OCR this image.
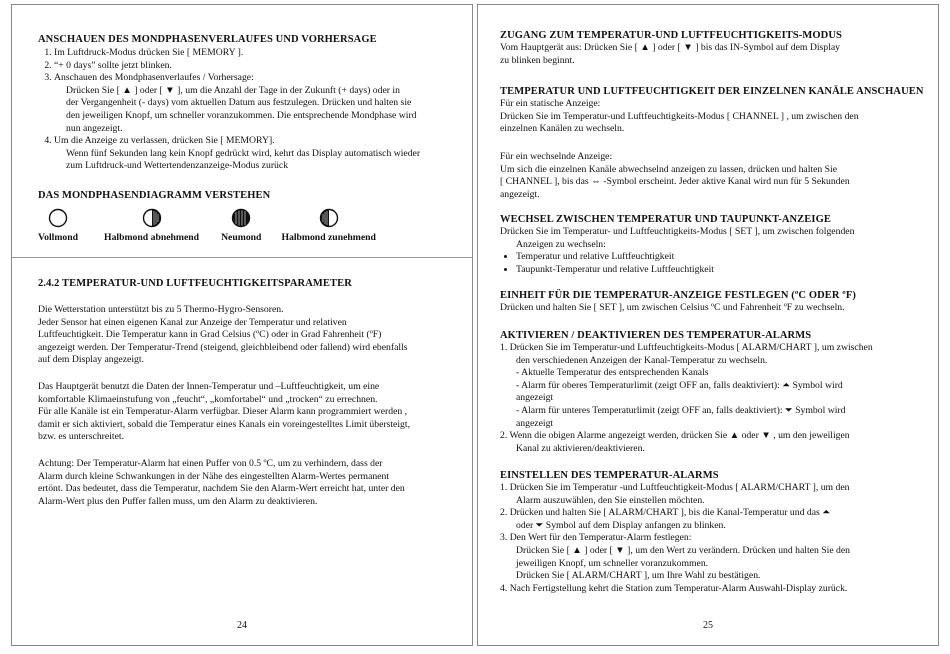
ANSCHAUEN DES MONDPHASENVERLAUFES UND VORHERSAGE
1. Im Luftdruck-Modus drücken Sie [ MEMORY ].
2. “+ 0 days” sollte jetzt blinken.
3. Anschauen des Mondphasenverlaufes / Vorhersage:
Drücken Sie [ ▲ ] oder [ ▼ ], um die Anzahl der Tage in der Zukunft (+ days) oder in
der Vergangenheit (- days) vom aktuellen Datum aus festzulegen. Drücken und halten sie
den jeweiligen Knopf, um schneller voranzukommen. Die entsprechende Mondphase wird
nun angezeigt.
4. Um die Anzeige zu verlassen, drücken Sie [ MEMORY].
Wenn fünf Sekunden lang kein Knopf gedrückt wird, kehrt das Display automatisch wieder
zum Luftdruck-und Wettertendenzanzeige-Modus zurück
DAS MONDPHASENDIAGRAMM VERSTEHEN
Vollmond	Halbmond abnehmend Neumond Halbmond zunehmend
2.4.2 TEMPERATUR-UND LUFTFEUCHTIGKEITSPARAMETER
Die Wetterstation unterstützt bis zu 5 Thermo-Hygro-Sensoren.
Jeder Sensor hat einen eigenen Kanal zur Anzeige der Temperatur und relativen
Luftfeuchtigkeit. Die Temperatur kann in Grad Celsius (ºC) oder in Grad Fahrenheit (ºF)
angezeigt werden. Der Temperatur-Trend (steigend, gleichbleibend oder fallend) wird ebenfalls
auf dem Display angezeigt.
Das Hauptgerät benutzt die Daten der Innen-Temperatur und –Luftfeuchtigkeit, um eine
komfortable Klimaeinstufung von „feucht“, „komfortabel“ und „trocken“ zu errechnen.
Für alle Kanäle ist ein Temperatur-Alarm verfügbar. Dieser Alarm kann programmiert werden ,
damit er sich aktiviert, sobald die Temperatur eines Kanals ein voreingestelltes Limit übersteigt,
bzw. es unterschreitet.
Achtung: Der Temperatur-Alarm hat einen Puffer von 0.5 ºC, um zu verhindern, dass der
Alarm durch kleine Schwankungen in der Nähe des eingestellten Alarm-Wertes permanent
ertönt. Das bedeutet, dass die Temperatur, nachdem Sie den Alarm-Wert erreicht hat, unter den
Alarm-Wert plus den Puffer fallen muss, um den Alarm zu deaktivieren.
24
ZUGANG ZUM TEMPERATUR-UND LUFTFEUCHTIGKEITS-MODUS
Vom Hauptgerät aus: Drücken Sie [ ▲ ] oder [ ▼ ] bis das IN-Symbol auf dem Display
zu blinken beginnt.
TEMPERATUR UND LUFTFEUCHTIGKEIT DER EINZELNEN KANÄLE ANSCHAUEN
Für ein statische Anzeige:
Drücken Sie im Temperatur-und Luftfeuchtigkeits-Modus [ CHANNEL ] , um zwischen den
einzelnen Kanälen zu wechseln.
Für ein wechselnde Anzeige:
Um sich die einzelnen Kanäle abwechselnd anzeigen zu lassen, drücken und halten Sie
[ CHANNEL ], bis das ⇔ -Symbol erscheint. Jeder aktive Kanal wird nun für 5 Sekunden
angezeigt.
WECHSEL ZWISCHEN TEMPERATUR UND TAUPUNKT-ANZEIGE
Drücken Sie im Temperatur- und Luftfeuchtigkeits-Modus [ SET ], um zwischen folgenden
Anzeigen zu wechseln:
• Temperatur und relative Luftfeuchtigkeit
• Taupunkt-Temperatur und relative Luftfeuchtigkeit
EINHEIT FÜR DIE TEMPERATUR-ANZEIGE FESTLEGEN (ºC ODER ºF)
Drücken und halten Sie [ SET ], um zwischen Celsius ºC und Fahrenheit ºF zu wechseln.
AKTIVIEREN / DEAKTIVIEREN DES TEMPERATUR-ALARMS
1. Drücken Sie im Temperatur-und Luftfeuchtigkeits-Modus [ ALARM/CHART ], um zwischen
den verschiedenen Anzeigen der Kanal-Temperatur zu wechseln.
- Aktuelle Temperatur des entsprechenden Kanals
- Alarm für oberes Temperaturlimit (zeigt OFF an, falls deaktiviert): ⏶ Symbol wird
angezeigt
- Alarm für unteres Temperaturlimit (zeigt OFF an, falls deaktiviert): ⏷ Symbol wird
angezeigt
2. Wenn die obigen Alarme angezeigt werden, drücken Sie ▲ oder ▼ , um den jeweiligen
Kanal zu aktivieren/deaktivieren.
EINSTELLEN DES TEMPERATUR-ALARMS
1. Drücken Sie im Temperatur -und Luftfeuchtigkeit-Modus [ ALARM/CHART ], um den
Alarm auszuwählen, den Sie einstellen möchten.
2. Drücken und halten Sie [ ALARM/CHART ], bis die Kanal-Temperatur und das ⏶
oder ⏷ Symbol auf dem Display anfangen zu blinken.
3. Den Wert für den Temperatur-Alarm festlegen:
Drücken Sie [ ▲ ] oder [ ▼ ], um den Wert zu verändern. Drücken und halten Sie den
jeweiligen Knopf, um schneller voranzukommen.
Drücken Sie [ ALARM/CHART ], um Ihre Wahl zu bestätigen.
4. Nach Fertigstellung kehrt die Station zum Temperatur-Alarm Auswahl-Display zurück.
25
